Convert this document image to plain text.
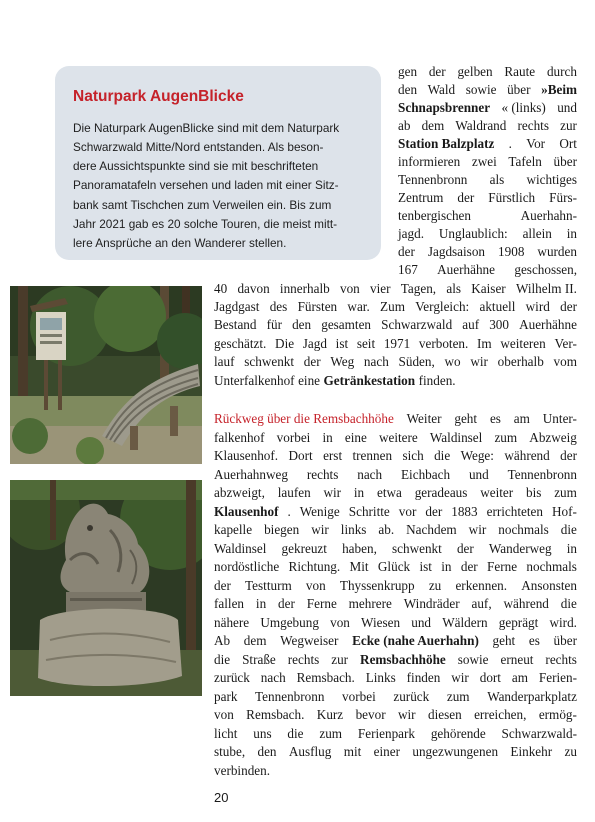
Naturpark AugenBlicke
Die Naturpark AugenBlicke sind mit dem Naturpark
Schwarzwald Mitte/Nord entstanden. Als beson-
dere Aussichtspunkte sind sie mit beschrifteten
Panoramatafeln versehen und laden mit einer Sitz-
bank samt Tischchen zum Verweilen ein. Bis zum
Jahr 2021 gab es 20 solche Touren, die meist mitt-
lere Ansprüche an den Wanderer stellen.
gen der gelben Raute durch
den Wald sowie über »Beim
Schnapsbrenner « (links) und
ab dem Waldrand rechts zur
Station Balzplatz . Vor Ort
informieren zwei Tafeln über
Tennenbronn als wichtiges
Zentrum der Fürstlich Fürs-
tenbergischen	Auerhahn-
jagd. Unglaublich: allein in
der Jagdsaison 1908 wurden
167 Auerhähne geschossen,
40 davon innerhalb von vier Tagen, als Kaiser Wilhelm II.
Jagdgast des Fürsten war. Zum Vergleich: aktuell wird der
Bestand für den gesamten Schwarzwald auf 300 Auerhähne
geschätzt. Die Jagd ist seit 1971 verboten. Im weiteren Ver-
lauf schwenkt der Weg nach Süden, wo wir oberhalb vom
Unterfalkenhof eine Getränkestation finden.
Rückweg über die Remsbachhöhe Weiter geht es am Unter-
falkenhof vorbei in eine weitere Waldinsel zum Abzweig
Klausenhof. Dort erst trennen sich die Wege: während der
Auerhahnweg rechts nach Eichbach und Tennenbronn
abzweigt, laufen wir in etwa geradeaus weiter bis zum
Klausenhof . Wenige Schritte vor der 1883 errichteten Hof-
kapelle biegen wir links ab. Nachdem wir nochmals die
Waldinsel gekreuzt haben, schwenkt der Wanderweg in
nordöstliche Richtung. Mit Glück ist in der Ferne nochmals
der Testturm von Thyssenkrupp zu erkennen. Ansonsten
fallen in der Ferne mehrere Windräder auf, während die
nähere Umgebung von Wiesen und Wäldern geprägt wird.
Ab dem Wegweiser Ecke (nahe Auerhahn) geht es über
die Straße rechts zur Remsbachhöhe sowie erneut rechts
zurück nach Remsbach. Links finden wir dort am Ferien-
park Tennenbronn vorbei zurück zum Wanderparkplatz
von Remsbach. Kurz bevor wir diesen erreichen, ermög-
licht uns die zum Ferienpark gehörende Schwarzwald-
stube, den Ausflug mit einer ungezwungenen Einkehr zu
verbinden.
20
